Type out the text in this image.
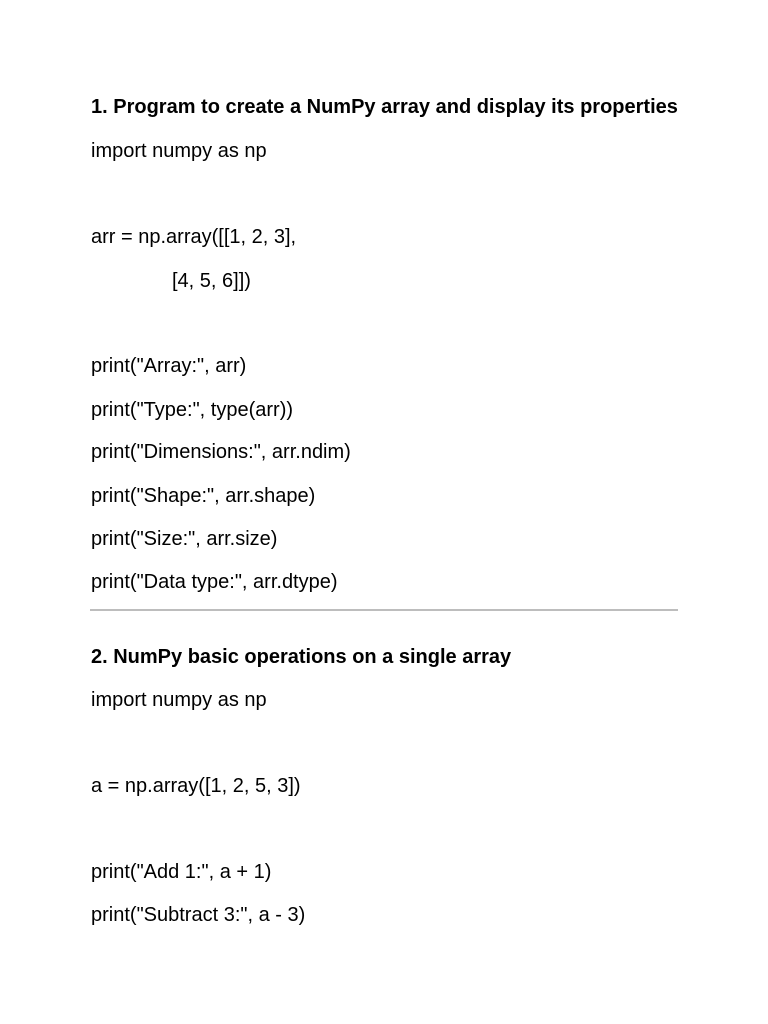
1. Program to create a NumPy array and display its properties
import numpy as np
arr = np.array([[1, 2, 3],
[4, 5, 6]])
print("Array:", arr)
print("Type:", type(arr))
print("Dimensions:", arr.ndim)
print("Shape:", arr.shape)
print("Size:", arr.size)
print("Data type:", arr.dtype)
2. NumPy basic operations on a single array
import numpy as np
a = np.array([1, 2, 5, 3])
print("Add 1:", a + 1)
print("Subtract 3:", a - 3)
